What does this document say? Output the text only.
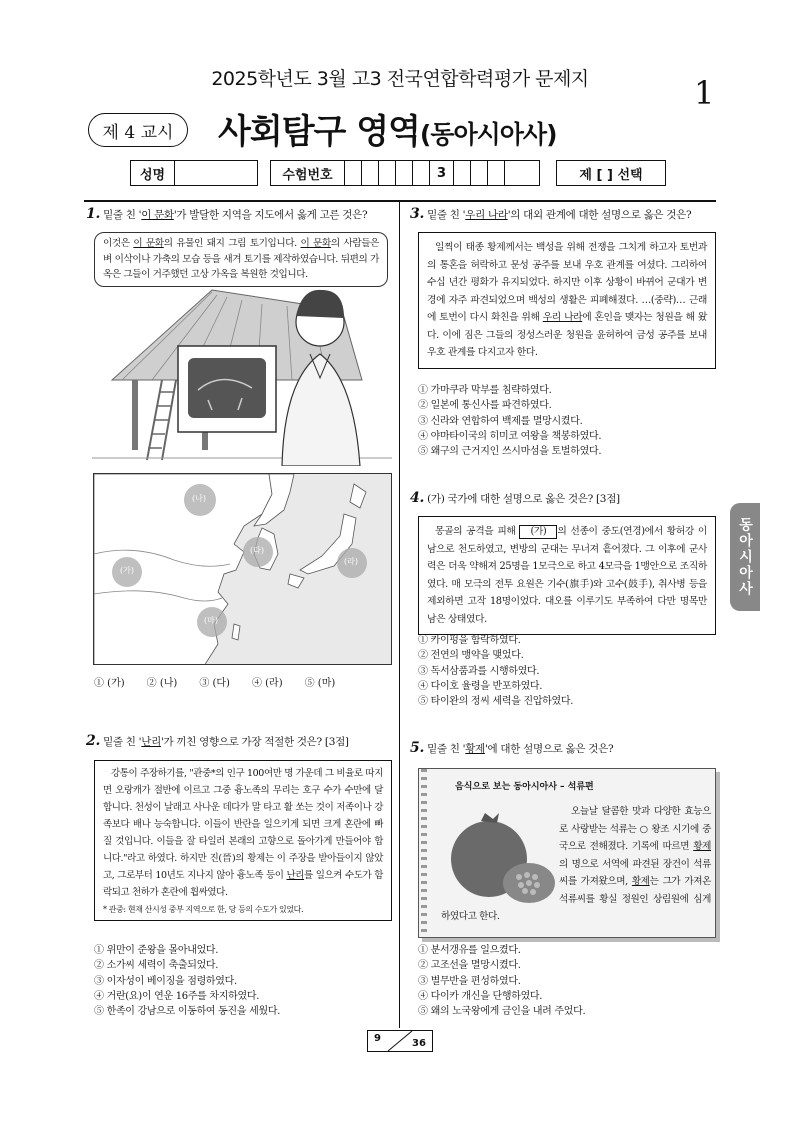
2025학년도 3월 고3 전국연합학력평가 문제지	1
제 4 교시	사회탐구 영역(동아시아사)
성명	수험번호	3	제 [ ] 선택
1. 밑줄 친 '이 문화'가 발달한 지역을 지도에서 옳게 고른 것은?
이것은 이 문화의 유물인 돼지 그림 토기입니다. 이 문화의 사람들은 벼 이삭이나 가축의 모습 등을 새겨 토기를 제작하였습니다. 뒤편의 가옥은 그들이 거주했던 고상 가옥을 복원한 것입니다.
(가)
(나)
(다)
(라)
(마)
① (가) ② (나) ③ (다) ④ (라) ⑤ (마)
2. 밑줄 친 '난리'가 끼친 영향으로 가장 적절한 것은? [3점]
강통이 주장하기를, "관중*의 인구 100여만 명 가운데 그 비율로 따지면 오랑캐가 절반에 이르고 그중 흉노족의 무리는 호구 수가 수만에 달합니다. 천성이 날래고 사나운 데다가 말 타고 활 쏘는 것이 저족이나 강족보다 배나 능숙합니다. 이들이 반란을 일으키게 되면 크게 혼란에 빠질 것입니다. 이들을 잘 타일러 본래의 고향으로 돌아가게 만들어야 합니다."라고 하였다. 하지만 진(晉)의 황제는 이 주장을 받아들이지 않았고, 그로부터 10년도 지나지 않아 흉노족 등이 난리를 일으켜 수도가 함락되고 천하가 혼란에 휩싸였다.
* 관중: 현재 산시성 중부 지역으로 한, 당 등의 수도가 있었다.
① 위만이 준왕을 몰아내었다.
② 소가씨 세력이 축출되었다.
③ 이자성이 베이징을 점령하였다.
④ 거란(요)이 연운 16주를 차지하였다.
⑤ 한족이 강남으로 이동하여 동진을 세웠다.
3. 밑줄 친 '우리 나라'의 대외 관계에 대한 설명으로 옳은 것은?
일찍이 태종 황제께서는 백성을 위해 전쟁을 그치게 하고자 토번과의 통혼을 허락하고 문성 공주를 보내 우호 관계를 여셨다. 그리하여 수십 년간 평화가 유지되었다. 하지만 이후 상황이 바뀌어 군대가 변경에 자주 파견되었으며 백성의 생활은 피폐해졌다. …(중략)… 근래에 토번이 다시 화친을 위해 우리 나라에 혼인을 맺자는 청원을 해 왔다. 이에 짐은 그들의 정성스러운 청원을 윤허하여 금성 공주를 보내 우호 관계를 다지고자 한다.
① 가마쿠라 막부를 침략하였다.
② 일본에 통신사를 파견하였다.
③ 신라와 연합하여 백제를 멸망시켰다.
④ 야마타이국의 히미코 여왕을 책봉하였다.
⑤ 왜구의 근거지인 쓰시마섬을 토벌하였다.
4. (가) 국가에 대한 설명으로 옳은 것은? [3점]
몽골의 공격을 피해 (가) 의 선종이 중도(연경)에서 황허강 이남으로 천도하였고, 변방의 군대는 무너져 흩어졌다. 그 이후에 군사력은 더욱 약해져 25명을 1모극으로 하고 4모극을 1맹안으로 조직하였다. 매 모극의 전투 요원은 기수(旗手)와 고수(鼓手), 취사병 등을 제외하면 고작 18명이었다. 대오를 이루기도 부족하여 다만 명목만 남은 상태였다.
① 카이펑을 함락하였다.
② 전연의 맹약을 맺었다.
③ 독서삼품과를 시행하였다.
④ 다이호 율령을 반포하였다.
⑤ 타이완의 정씨 세력을 진압하였다.
동아시아사
5. 밑줄 친 '황제'에 대한 설명으로 옳은 것은?
음식으로 보는 동아시아사 – 석류편
오늘날 달콤한 맛과 다양한 효능으로 사랑받는 석류는 ○ 왕조 시기에 중국으로 전해졌다. 기록에 따르면 황제의 명으로 서역에 파견된 장건이 석류씨를 가져왔으며, 황제는 그가 가져온 석류씨를 황실 정원인 상림원에 심게 하였다고 한다.
① 분서갱유를 일으켰다.
② 고조선을 멸망시켰다.
③ 별무반을 편성하였다.
④ 다이카 개신을 단행하였다.
⑤ 왜의 노국왕에게 금인을 내려 주었다.
9	36
